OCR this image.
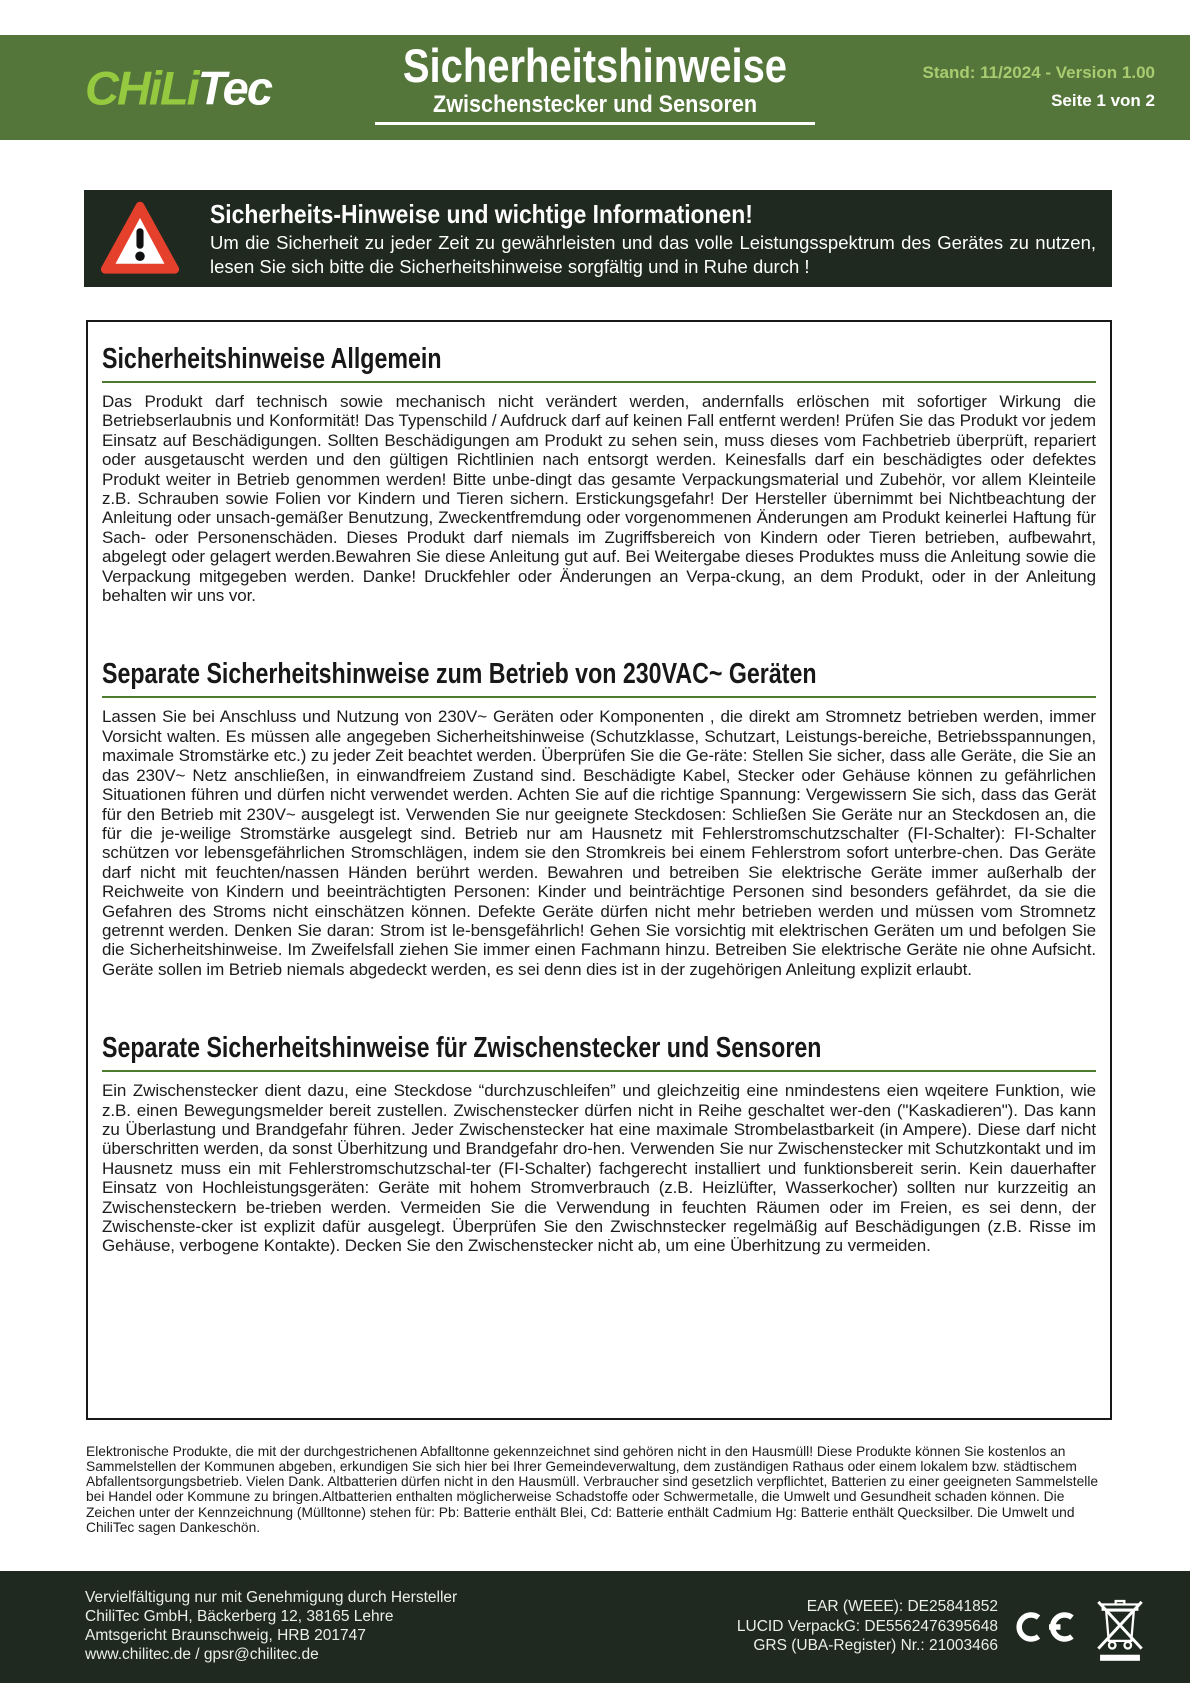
CHiLiTec	Sicherheitshinweise
Zwischenstecker und Sensoren
Stand: 11/2024 - Version 1.00
Seite 1 von 2
Sicherheits-Hinweise und wichtige Informationen!

Um die Sicherheit zu jeder Zeit zu gewährleisten und das volle Leistungsspektrum des Gerätes zu nutzen, lesen Sie sich bitte die Sicherheitshinweise sorgfältig und in Ruhe durch !

Sicherheitshinweise Allgemein

Das Produkt darf technisch sowie mechanisch nicht verändert werden, andernfalls erlöschen mit sofortiger Wirkung die Betriebserlaubnis und Konformität! Das Typenschild / Aufdruck darf auf keinen Fall entfernt werden! Prüfen Sie das Produkt vor jedem Einsatz auf Beschädigungen. Sollten Beschädigungen am Produkt zu sehen sein, muss dieses vom Fachbetrieb überprüft, repariert oder ausgetauscht werden und den gültigen Richtlinien nach entsorgt werden. Keinesfalls darf ein beschädigtes oder defektes Produkt weiter in Betrieb genommen werden! Bitte unbe-dingt das gesamte Verpackungsmaterial und Zubehör, vor allem Kleinteile z.B. Schrauben sowie Folien vor Kindern und Tieren sichern. Erstickungsgefahr! Der Hersteller übernimmt bei Nichtbeachtung der Anleitung oder unsach-gemäßer Benutzung, Zweckentfremdung oder vorgenommenen Änderungen am Produkt keinerlei Haftung für Sach- oder Personenschäden. Dieses Produkt darf niemals im Zugriffsbereich von Kindern oder Tieren betrieben, aufbewahrt, abgelegt oder gelagert werden.Bewahren Sie diese Anleitung gut auf. Bei Weitergabe dieses Produktes muss die Anleitung sowie die Verpackung mitgegeben werden. Danke! Druckfehler oder Änderungen an Verpa-ckung, an dem Produkt, oder in der Anleitung behalten wir uns vor.

Separate Sicherheitshinweise zum Betrieb von 230VAC~ Geräten

Lassen Sie bei Anschluss und Nutzung von 230V~ Geräten oder Komponenten , die direkt am Stromnetz betrieben werden, immer Vorsicht walten. Es müssen alle angegeben Sicherheitshinweise (Schutzklasse, Schutzart, Leistungs-bereiche, Betriebsspannungen, maximale Stromstärke etc.) zu jeder Zeit beachtet werden. Überprüfen Sie die Ge-räte: Stellen Sie sicher, dass alle Geräte, die Sie an das 230V~ Netz anschließen, in einwandfreiem Zustand sind. Beschädigte Kabel, Stecker oder Gehäuse können zu gefährlichen Situationen führen und dürfen nicht verwendet werden. Achten Sie auf die richtige Spannung: Vergewissern Sie sich, dass das Gerät für den Betrieb mit 230V~ ausgelegt ist. Verwenden Sie nur geeignete Steckdosen: Schließen Sie Geräte nur an Steckdosen an, die für die je-weilige Stromstärke ausgelegt sind. Betrieb nur am Hausnetz mit Fehlerstromschutzschalter (FI-Schalter): FI-Schalter schützen vor lebensgefährlichen Stromschlägen, indem sie den Stromkreis bei einem Fehlerstrom sofort unterbre-chen. Das Geräte darf nicht mit feuchten/nassen Händen berührt werden. Bewahren und betreiben Sie elektrische Geräte immer außerhalb der Reichweite von Kindern und beeinträchtigten Personen: Kinder und beinträchtige Personen sind besonders gefährdet, da sie die Gefahren des Stroms nicht einschätzen können. Defekte Geräte dürfen nicht mehr betrieben werden und müssen vom Stromnetz getrennt werden. Denken Sie daran: Strom ist le-bensgefährlich! Gehen Sie vorsichtig mit elektrischen Geräten um und befolgen Sie die Sicherheitshinweise. Im Zweifelsfall ziehen Sie immer einen Fachmann hinzu. Betreiben Sie elektrische Geräte nie ohne Aufsicht. Geräte sollen im Betrieb niemals abgedeckt werden, es sei denn dies ist in der zugehörigen Anleitung explizit erlaubt.

Separate Sicherheitshinweise für Zwischenstecker und Sensoren

Ein Zwischenstecker dient dazu, eine Steckdose “durchzuschleifen” und gleichzeitig eine nmindestens eien wqeitere Funktion, wie z.B. einen Bewegungsmelder bereit zustellen. Zwischenstecker dürfen nicht in Reihe geschaltet wer-den ("Kaskadieren"). Das kann zu Überlastung und Brandgefahr führen. Jeder Zwischenstecker hat eine maximale Strombelastbarkeit (in Ampere). Diese darf nicht überschritten werden, da sonst Überhitzung und Brandgefahr dro-hen. Verwenden Sie nur Zwischenstecker mit Schutzkontakt und im Hausnetz muss ein mit Fehlerstromschutzschal-ter (FI-Schalter) fachgerecht installiert und funktionsbereit serin. Kein dauerhafter Einsatz von Hochleistungsgeräten: Geräte mit hohem Stromverbrauch (z.B. Heizlüfter, Wasserkocher) sollten nur kurzzeitig an Zwischensteckern be-trieben werden. Vermeiden Sie die Verwendung in feuchten Räumen oder im Freien, es sei denn, der Zwischenste-cker ist explizit dafür ausgelegt. Überprüfen Sie den Zwischnstecker regelmäßig auf Beschädigungen (z.B. Risse im Gehäuse, verbogene Kontakte). Decken Sie den Zwischenstecker nicht ab, um eine Überhitzung zu vermeiden.

Elektronische Produkte, die mit der durchgestrichenen Abfalltonne gekennzeichnet sind gehören nicht in den Hausmüll! Diese Produkte können Sie kostenlos an Sammelstellen der Kommunen abgeben, erkundigen Sie sich hier bei Ihrer Gemeindeverwaltung, dem zuständigen Rathaus oder einem lokalem bzw. städtischem Abfallentsorgungsbetrieb. Vielen Dank. Altbatterien dürfen nicht in den Hausmüll. Verbraucher sind gesetzlich verpflichtet, Batterien zu einer geeigneten Sammelstelle bei Handel oder Kommune zu bringen.Altbatterien enthalten möglicherweise Schadstoffe oder Schwermetalle, die Umwelt und Gesundheit schaden können. Die Zeichen unter der Kennzeichnung (Mülltonne) stehen für: Pb: Batterie enthält Blei, Cd: Batterie enthält Cadmium Hg: Batterie enthält Quecksilber. Die Umwelt und ChiliTec sagen Dankeschön.

Vervielfältigung nur mit Genehmigung durch Hersteller
ChiliTec GmbH, Bäckerberg 12, 38165 Lehre
Amtsgericht Braunschweig, HRB 201747
www.chilitec.de / gpsr@chilitec.de
EAR (WEEE): DE25841852
LUCID VerpackG: DE5562476395648
GRS (UBA-Register) Nr.: 21003466
